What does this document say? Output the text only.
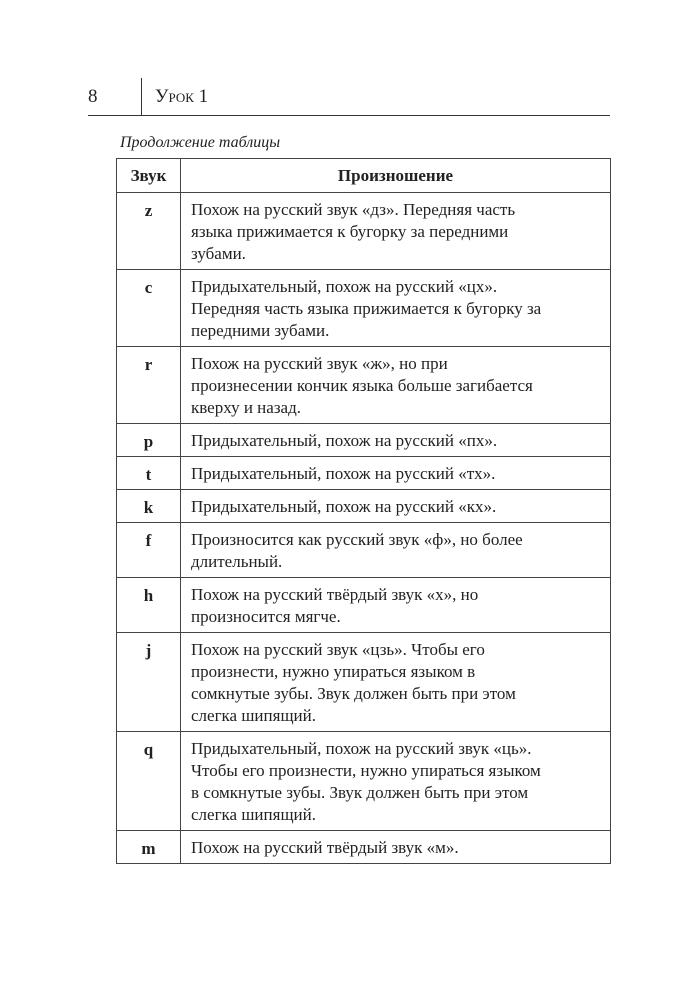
8	Урок 1
Продолжение таблицы
Звук	Произношение
z	Похож на русский звук «дз». Передняя часть
языка прижимается к бугорку за передними
зубами.
c	Придыхательный, похож на русский «цх».
Передняя часть языка прижимается к бугорку за
передними зубами.
r	Похож на русский звук «ж», но при
произнесении кончик языка больше загибается
кверху и назад.
p	Придыхательный, похож на русский «пх».
t	Придыхательный, похож на русский «тх».
k	Придыхательный, похож на русский «кх».
f	Произносится как русский звук «ф», но более
длительный.
h	Похож на русский твёрдый звук «х», но
произносится мягче.
j	Похож на русский звук «цзь». Чтобы его
произнести, нужно упираться языком в
сомкнутые зубы. Звук должен быть при этом
слегка шипящий.
q	Придыхательный, похож на русский звук «ць».
Чтобы его произнести, нужно упираться языком
в сомкнутые зубы. Звук должен быть при этом
слегка шипящий.
m	Похож на русский твёрдый звук «м».
